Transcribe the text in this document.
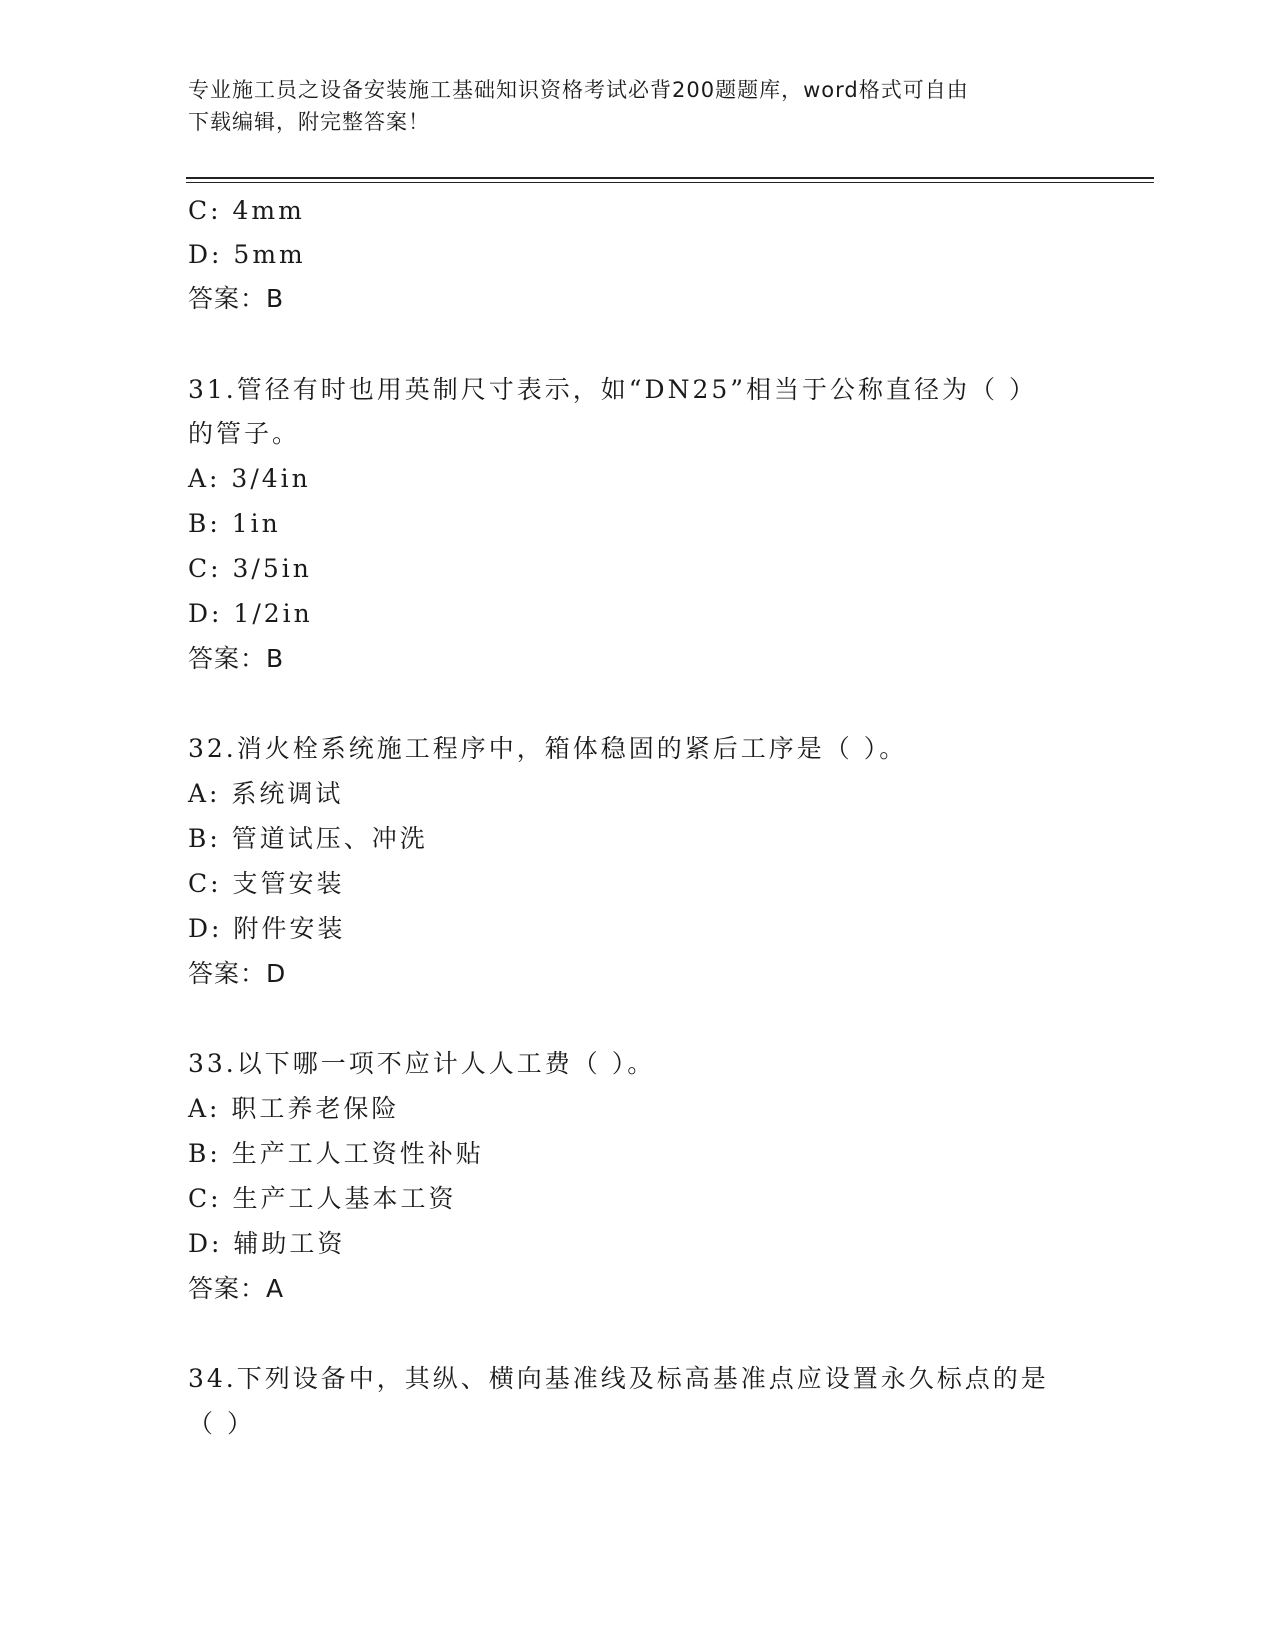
专业施工员之设备安装施工基础知识资格考试必背200题题库，word格式可自由
下载编辑，附完整答案！
C: 4mm
D: 5mm
答案：B
31.管径有时也用英制尺寸表示，如“DN25”相当于公称直径为（ ）
的管子。
A: 3/4in
B: 1in
C: 3/5in
D: 1/2in
答案：B
32.消火栓系统施工程序中，箱体稳固的紧后工序是（ ）。
A: 系统调试
B: 管道试压、冲洗
C: 支管安装
D: 附件安装
答案：D
33.以下哪一项不应计人人工费（ ）。
A: 职工养老保险
B: 生产工人工资性补贴
C: 生产工人基本工资
D: 辅助工资
答案：A
34.下列设备中，其纵、横向基准线及标高基准点应设置永久标点的是
（ ）
